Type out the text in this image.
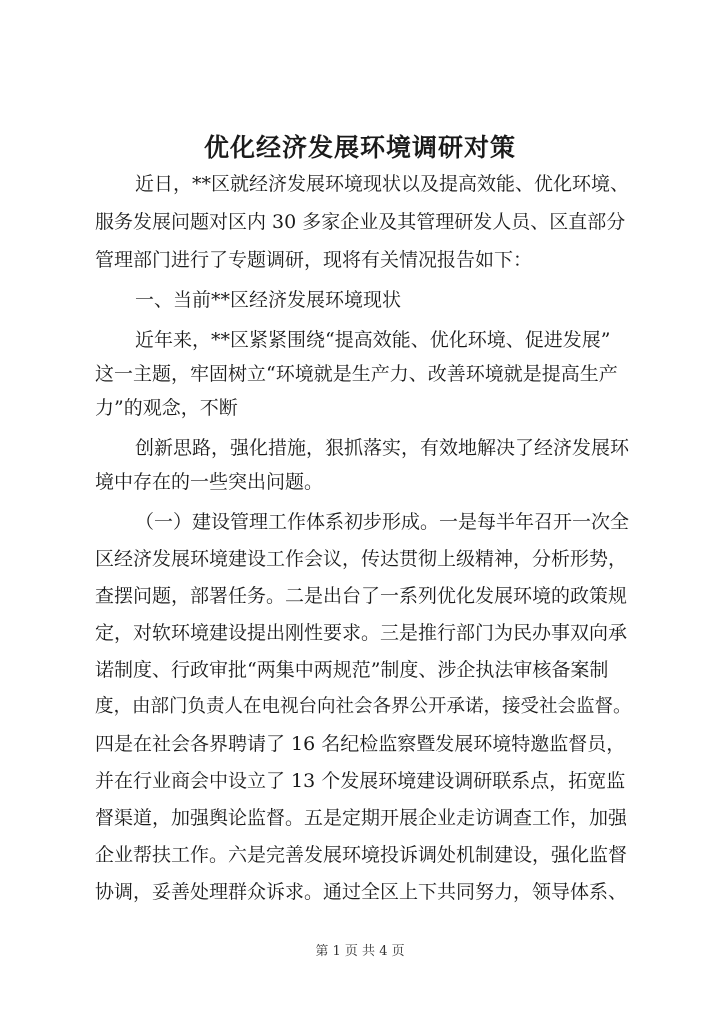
优化经济发展环境调研对策

近日，**区就经济发展环境现状以及提高效能、优化环境、

服务发展问题对区内 30 多家企业及其管理研发人员、区直部分

管理部门进行了专题调研，现将有关情况报告如下：

一、当前**区经济发展环境现状

近年来，**区紧紧围绕“提高效能、优化环境、促进发展”

这一主题，牢固树立“环境就是生产力、改善环境就是提高生产

力”的观念，不断

创新思路，强化措施，狠抓落实，有效地解决了经济发展环

境中存在的一些突出问题。

（一）建设管理工作体系初步形成。一是每半年召开一次全

区经济发展环境建设工作会议，传达贯彻上级精神，分析形势，

查摆问题，部署任务。二是出台了一系列优化发展环境的政策规

定，对软环境建设提出刚性要求。三是推行部门为民办事双向承

诺制度、行政审批“两集中两规范”制度、涉企执法审核备案制

度，由部门负责人在电视台向社会各界公开承诺，接受社会监督。

四是在社会各界聘请了 16 名纪检监察暨发展环境特邀监督员，

并在行业商会中设立了 13 个发展环境建设调研联系点，拓宽监

督渠道，加强舆论监督。五是定期开展企业走访调查工作，加强

企业帮扶工作。六是完善发展环境投诉调处机制建设，强化监督

协调，妥善处理群众诉求。通过全区上下共同努力，领导体系、

第 1 页 共 4 页
